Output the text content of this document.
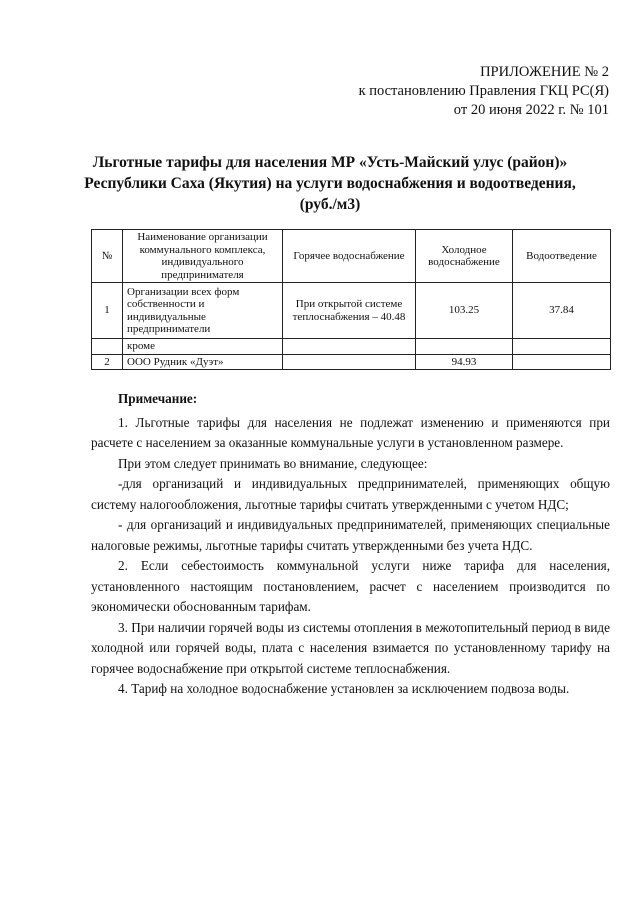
ПРИЛОЖЕНИЕ № 2
к постановлению Правления ГКЦ РС(Я)
от 20 июня 2022 г. № 101
Льготные тарифы для населения МР «Усть-Майский улус (район)»
Республики Саха (Якутия) на услуги водоснабжения и водоотведения,
(руб./м3)
№	Наименование организации коммунального комплекса, индивидуального предпринимателя	Горячее водоснабжение	Холодное водоснабжение	Водоотведение
1	Организации всех форм собственности и индивидуальные предприниматели	При открытой системе теплоснабжения – 40.48	103.25	37.84
	кроме			
2	ООО Рудник «Дуэт»		94.93	
Примечание:

1. Льготные тарифы для населения не подлежат изменению и применяются при расчете с населением за оказанные коммунальные услуги в установленном размере.

При этом следует принимать во внимание, следующее:

-для организаций и индивидуальных предпринимателей, применяющих общую систему налогообложения, льготные тарифы считать утвержденными с учетом НДС;

- для организаций и индивидуальных предпринимателей, применяющих специальные налоговые режимы, льготные тарифы считать утвержденными без учета НДС.

2. Если себестоимость коммунальной услуги ниже тарифа для населения, установленного настоящим постановлением, расчет с населением производится по экономически обоснованным тарифам.

3. При наличии горячей воды из системы отопления в межотопительный период в виде холодной или горячей воды, плата с населения взимается по установленному тарифу на горячее водоснабжение при открытой системе теплоснабжения.

4. Тариф на холодное водоснабжение установлен за исключением подвоза воды.
